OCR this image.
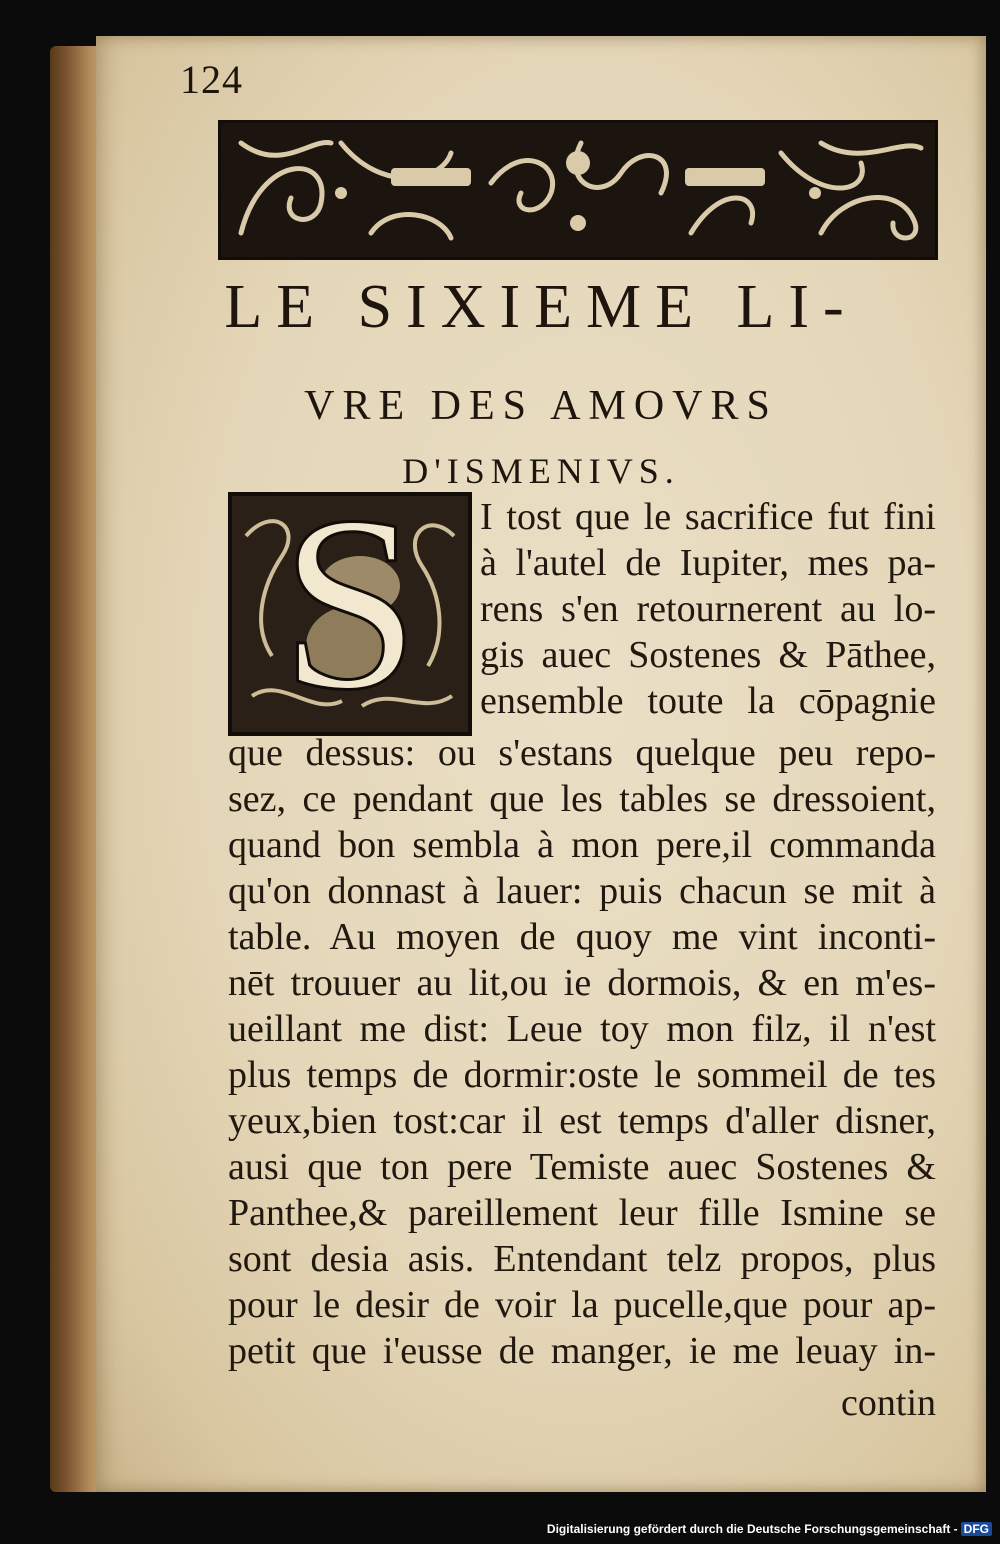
124
LE SIXIEME LI-
VRE DES AMOVRS
D'ISMENIVS.
S	I tost que le sacrifice fut fini
à l'autel de Iupiter, mes pa-
rens s'en retournerent au lo-
gis auec Sostenes & Pāthee,
ensemble toute la cōpagnie
que dessus: ou s'estans quelque peu repo-
sez, ce pendant que les tables se dressoient,
quand bon sembla à mon pere,il commanda
qu'on donnast à lauer: puis chacun se mit à
table. Au moyen de quoy me vint inconti-
nēt trouuer au lit,ou ie dormois, & en m'es-
ueillant me dist: Leue toy mon filz, il n'est
plus temps de dormir:oste le sommeil de tes
yeux,bien tost:car il est temps d'aller disner,
ausi que ton pere Temiste auec Sostenes &
Panthee,& pareillement leur fille Ismine se
sont desia asis. Entendant telz propos, plus
pour le desir de voir la pucelle,que pour ap-
petit que i'eusse de manger, ie me leuay in-
contin
Digitalisierung gefördert durch die Deutsche Forschungsgemeinschaft - DFG
